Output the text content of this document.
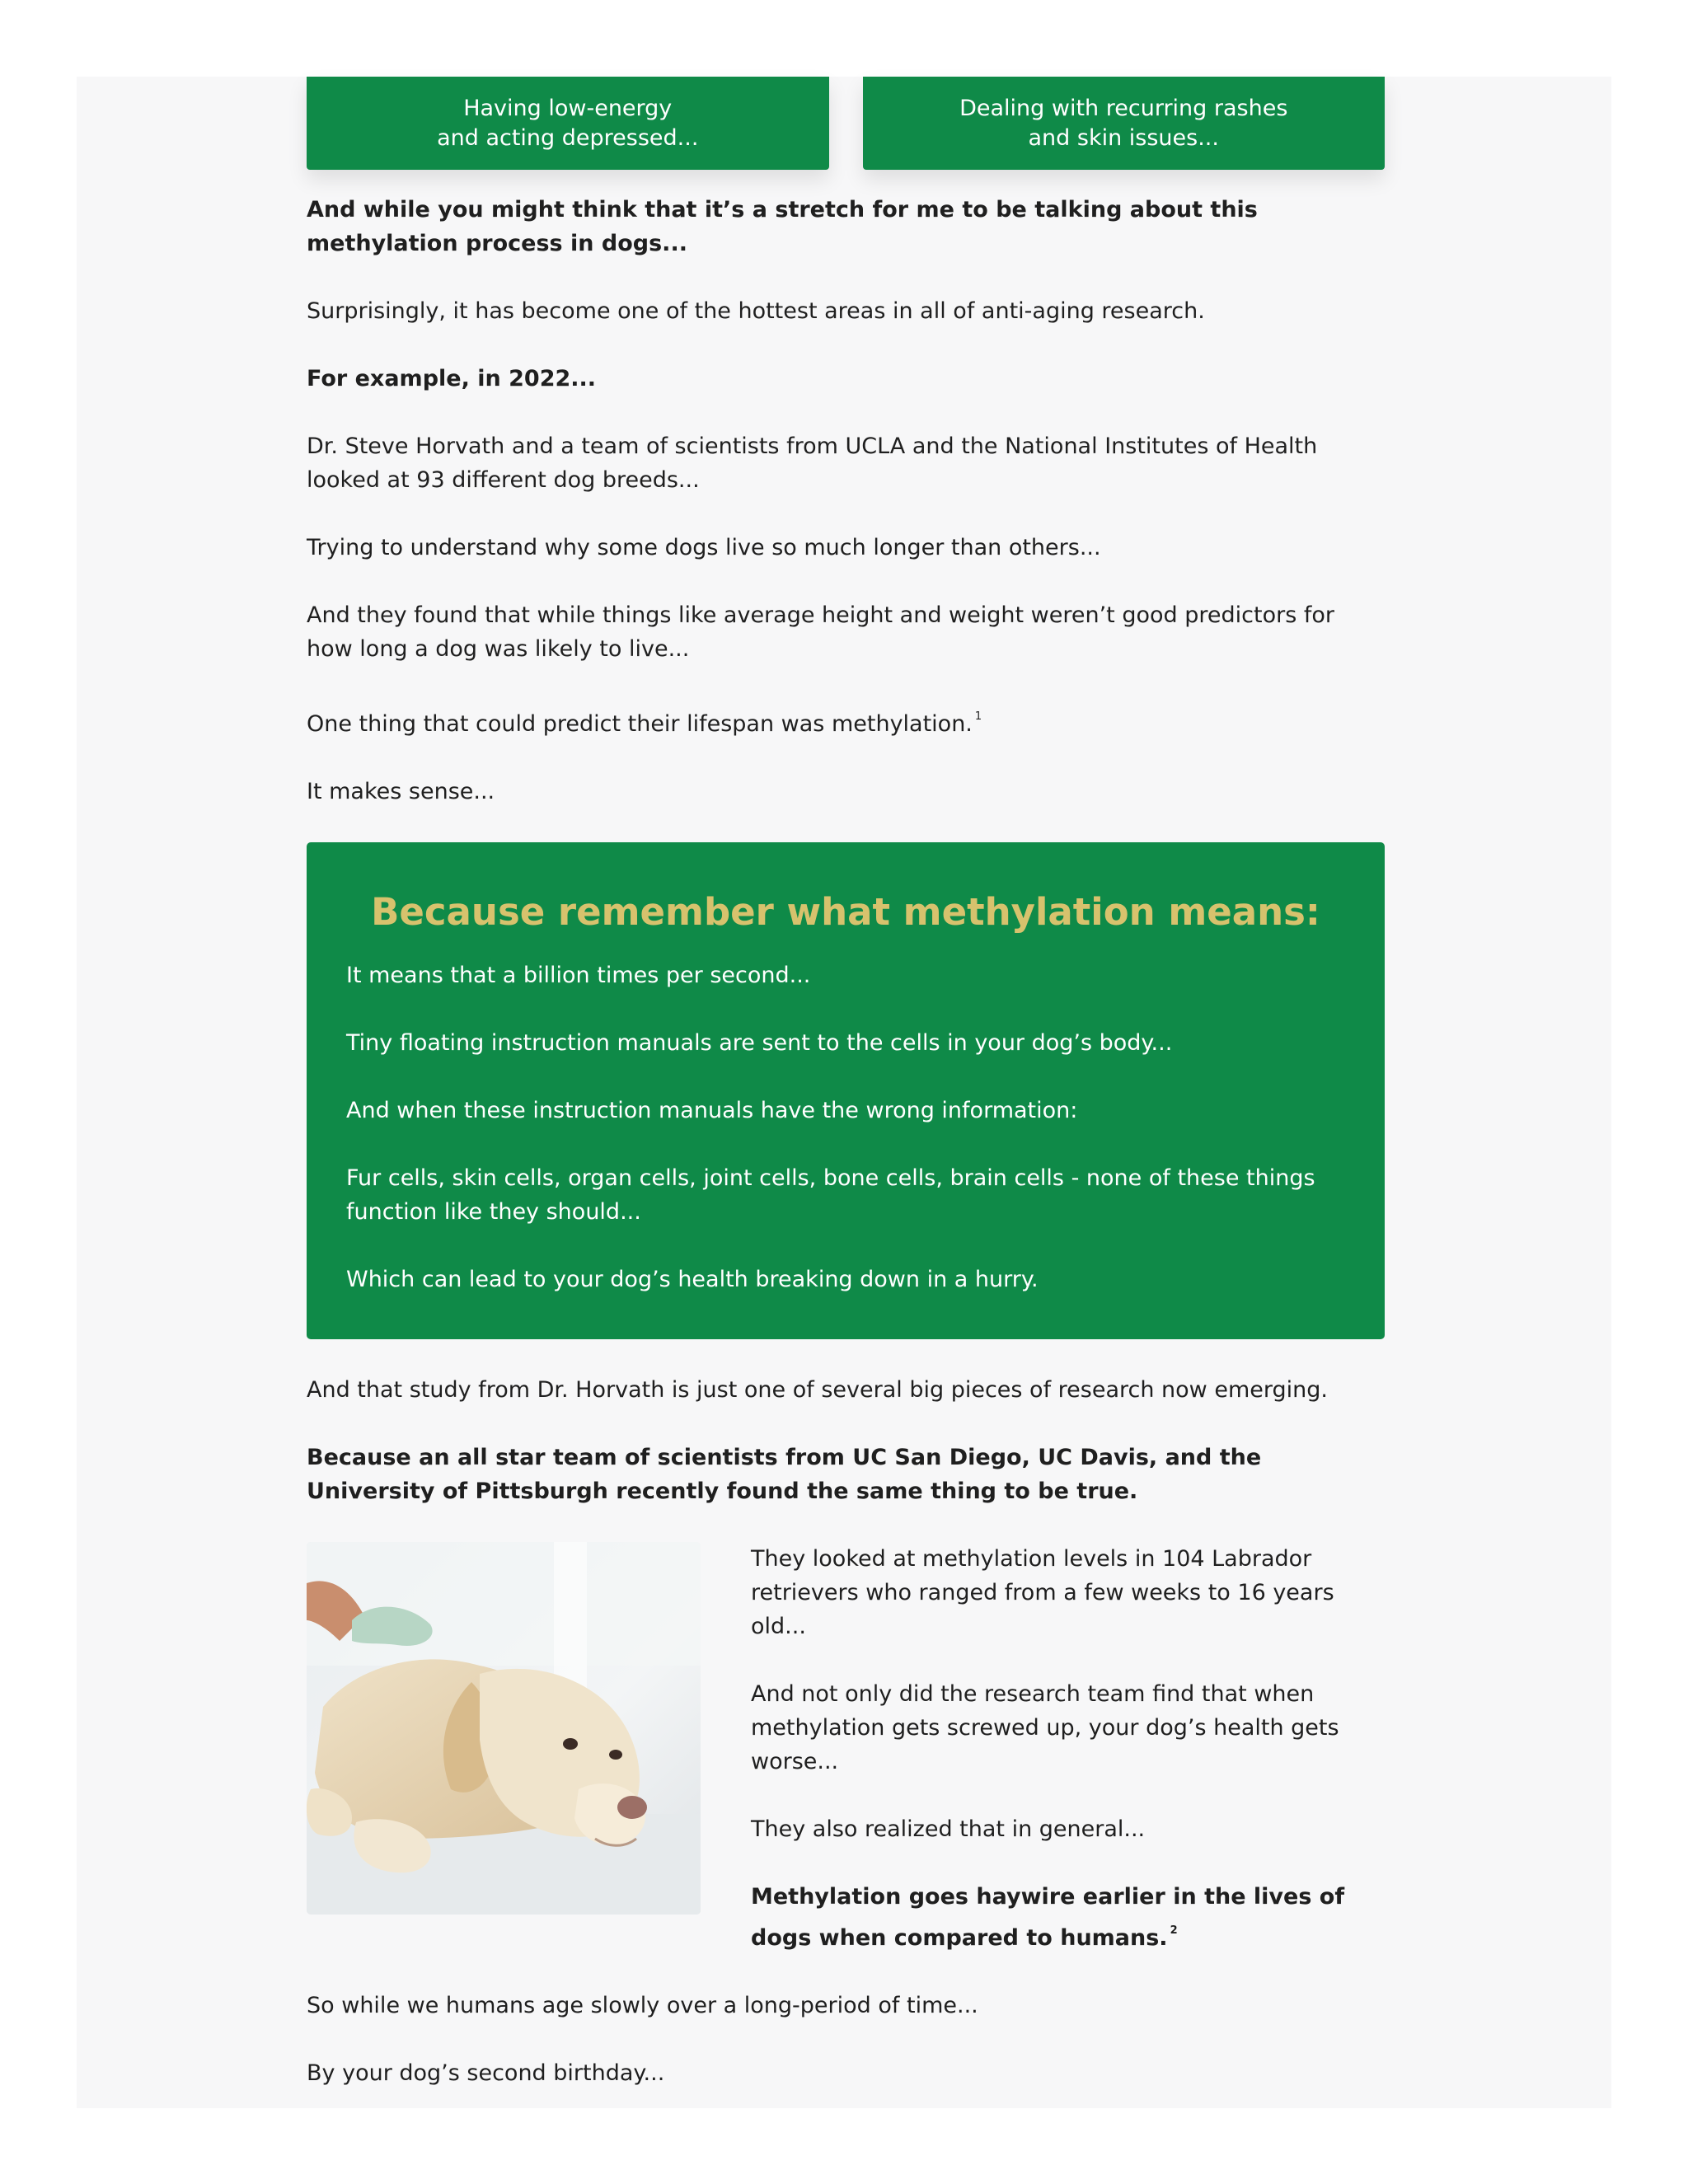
Having low-energy
and acting depressed...
Dealing with recurring rashes
and skin issues...

And while you might think that it’s a stretch for me to be talking about this methylation process in dogs...

Surprisingly, it has become one of the hottest areas in all of anti-aging research.

For example, in 2022...

Dr. Steve Horvath and a team of scientists from UCLA and the National Institutes of Health looked at 93 different dog breeds...

Trying to understand why some dogs live so much longer than others...

And they found that while things like average height and weight weren’t good predictors for how long a dog was likely to live...

One thing that could predict their lifespan was methylation. $^1$

It makes sense...

Because remember what methylation means:

It means that a billion times per second...

Tiny floating instruction manuals are sent to the cells in your dog’s body...

And when these instruction manuals have the wrong information:

Fur cells, skin cells, organ cells, joint cells, bone cells, brain cells - none of these things function like they should...

Which can lead to your dog’s health breaking down in a hurry.

And that study from Dr. Horvath is just one of several big pieces of research now emerging.

Because an all star team of scientists from UC San Diego, UC Davis, and the University of Pittsburgh recently found the same thing to be true.

They looked at methylation levels in 104 Labrador retrievers who ranged from a few weeks to 16 years old...

And not only did the research team find that when methylation gets screwed up, your dog’s health gets worse...

They also realized that in general...

Methylation goes haywire earlier in the lives of dogs when compared to humans. $^2$

So while we humans age slowly over a long-period of time...

By your dog’s second birthday...
